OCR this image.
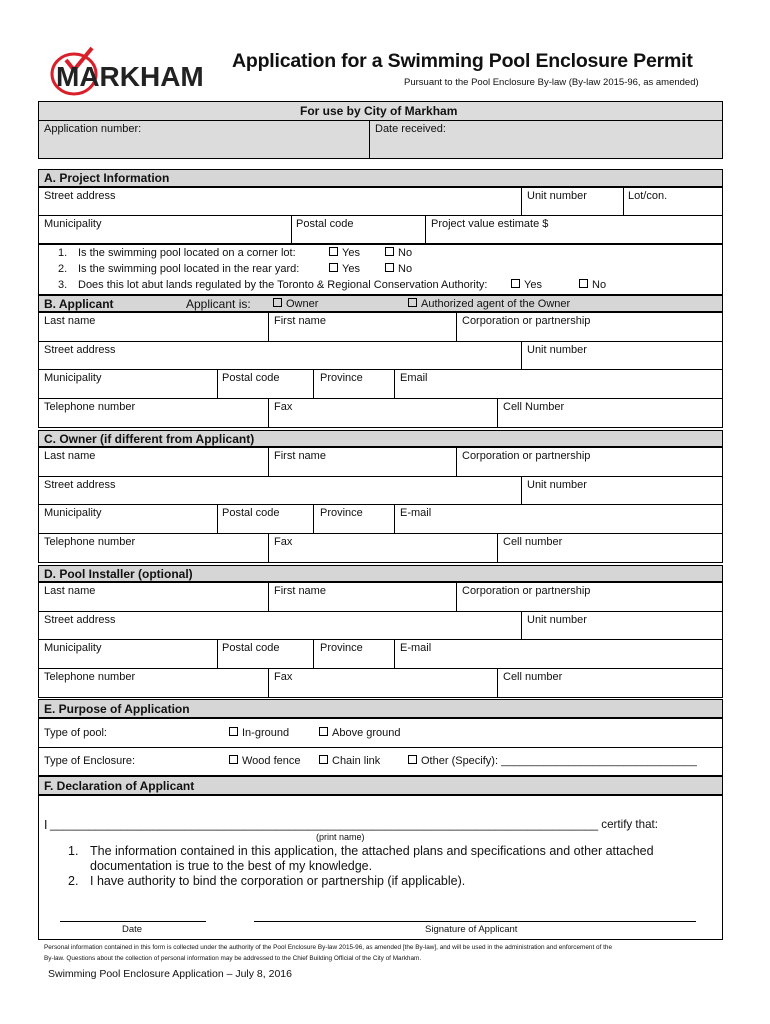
MARKHAM Application for a Swimming Pool Enclosure Permit
Pursuant to the Pool Enclosure By-law (By-law 2015-96, as amended)
For use by City of Markham
Application number:	Date received:
A. Project Information
Street address	Unit number	Lot/con.
Municipality	Postal code	Project value estimate $
1. Is the swimming pool located on a corner lot:	Yes	No
2. Is the swimming pool located in the rear yard:	Yes	No
3. Does this lot abut lands regulated by the Toronto & Regional Conservation Authority:	Yes	No
B. Applicant	Applicant is:	Owner	Authorized agent of the Owner
Last name	First name	Corporation or partnership
Street address	Unit number
Municipality	Postal code	Province	Email
Telephone number	Fax	Cell Number
C. Owner (if different from Applicant)
Last name	First name	Corporation or partnership
Street address	Unit number
Municipality	Postal code	Province	E-mail
Telephone number	Fax	Cell number
D. Pool Installer (optional)
Last name	First name	Corporation or partnership
Street address	Unit number
Municipality	Postal code	Province	E-mail
Telephone number	Fax	Cell number
E. Purpose of Application
Type of pool:	In-ground	Above ground
Type of Enclosure:	Wood fence	Chain link	Other (Specify): ________________________________
F. Declaration of Applicant
I _____________________________________________________________________________________ certify that:
(print name)
1. The information contained in this application, the attached plans and specifications and other attached
documentation is true to the best of my knowledge.
2. I have authority to bind the corporation or partnership (if applicable).
Date	Signature of Applicant
Personal information contained in this form is collected under the authority of the Pool Enclosure By-law 2015-96, as amended [the By-law], and will be used in the administration and enforcement of the
By-law. Questions about the collection of personal information may be addressed to the Chief Building Official of the City of Markham.
Swimming Pool Enclosure Application – July 8, 2016
